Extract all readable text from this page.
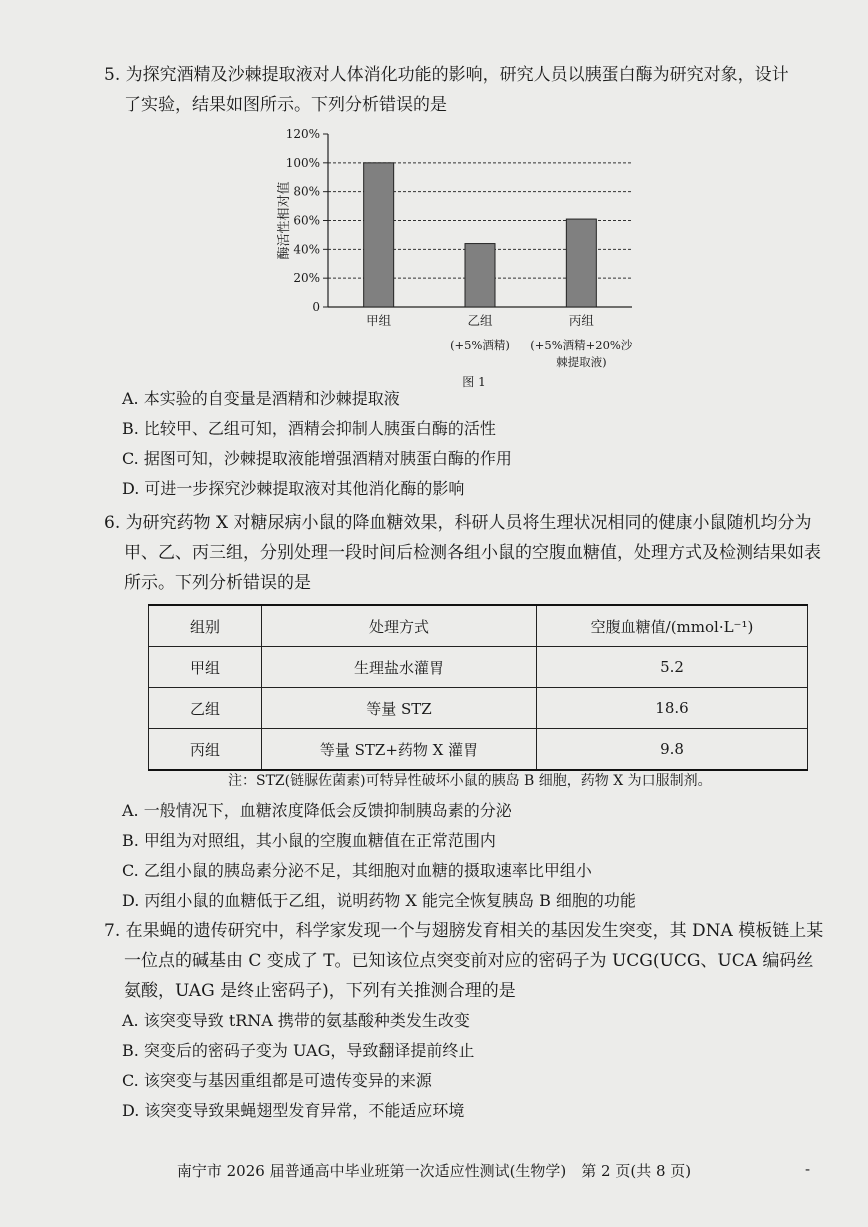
5. 为探究酒精及沙棘提取液对人体消化功能的影响，研究人员以胰蛋白酶为研究对象，设计了实验，结果如图所示。下列分析错误的是
0
20%
40%
60%
80%
100%
120%
酶活性相对值
甲组	乙组
(+5%酒精)
丙组
(+5%酒精+20%沙
棘提取液)
图 1
A. 本实验的自变量是酒精和沙棘提取液
B. 比较甲、乙组可知，酒精会抑制人胰蛋白酶的活性
C. 据图可知，沙棘提取液能增强酒精对胰蛋白酶的作用
D. 可进一步探究沙棘提取液对其他消化酶的影响
6. 为研究药物 X 对糖尿病小鼠的降血糖效果，科研人员将生理状况相同的健康小鼠随机均分为甲、乙、丙三组，分别处理一段时间后检测各组小鼠的空腹血糖值，处理方式及检测结果如表所示。下列分析错误的是
组别	处理方式	空腹血糖值/(mmol·L⁻¹)
甲组	生理盐水灌胃	5.2
乙组	等量 STZ	18.6
丙组	等量 STZ+药物 X 灌胃	9.8
注：STZ(链脲佐菌素)可特异性破坏小鼠的胰岛 B 细胞，药物 X 为口服制剂。
A. 一般情况下，血糖浓度降低会反馈抑制胰岛素的分泌
B. 甲组为对照组，其小鼠的空腹血糖值在正常范围内
C. 乙组小鼠的胰岛素分泌不足，其细胞对血糖的摄取速率比甲组小
D. 丙组小鼠的血糖低于乙组，说明药物 X 能完全恢复胰岛 B 细胞的功能
7. 在果蝇的遗传研究中，科学家发现一个与翅膀发育相关的基因发生突变，其 DNA 模板链上某一位点的碱基由 C 变成了 T。已知该位点突变前对应的密码子为 UCG(UCG、UCA 编码丝氨酸，UAG 是终止密码子)，下列有关推测合理的是
A. 该突变导致 tRNA 携带的氨基酸种类发生改变
B. 突变后的密码子变为 UAG，导致翻译提前终止
C. 该突变与基因重组都是可遗传变异的来源
D. 该突变导致果蝇翅型发育异常，不能适应环境
南宁市 2026 届普通高中毕业班第一次适应性测试(生物学)　第 2 页(共 8 页)	-
